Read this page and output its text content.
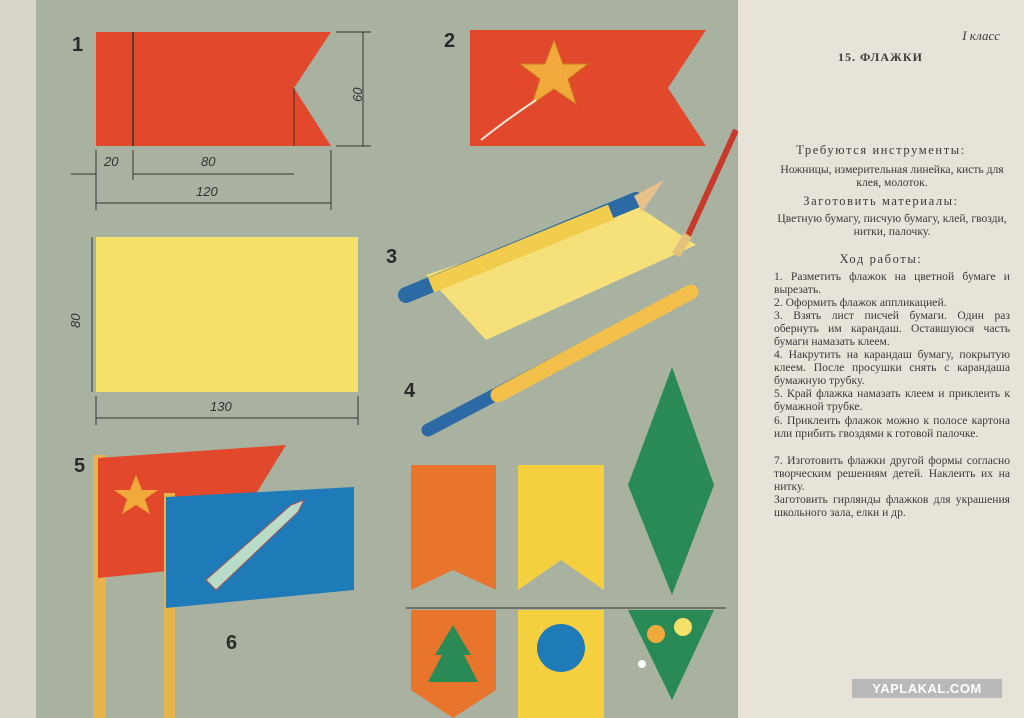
1	2
3
4
5
6
20	80
120
60
80
130
I класс
15. ФЛАЖКИ
Требуются инструменты:
Ножницы, измерительная линейка, кисть для клея, молоток.
Заготовить материалы:
Цветную бумагу, писчую бумагу, клей, гвозди, нитки, палочку.
Ход работы:
1. Разметить флажок на цветной бумаге и вырезать.
2. Оформить флажок аппликацией.
3. Взять лист писчей бумаги. Один раз обернуть им карандаш. Оставшуюся часть бумаги намазать клеем.
4. Накрутить на карандаш бумагу, покрытую клеем. После просушки снять с карандаша бумажную трубку.
5. Край флажка намазать клеем и приклеить к бумажной трубке.
6. Приклеить флажок можно к полосе картона или прибить гвоздями к готовой палочке.
7. Изготовить флажки другой формы согласно творческим решениям детей. Наклеить их на нитку.
Заготовить гирлянды флажков для украшения школьного зала, елки и др.
YAPLAKAL.COM
